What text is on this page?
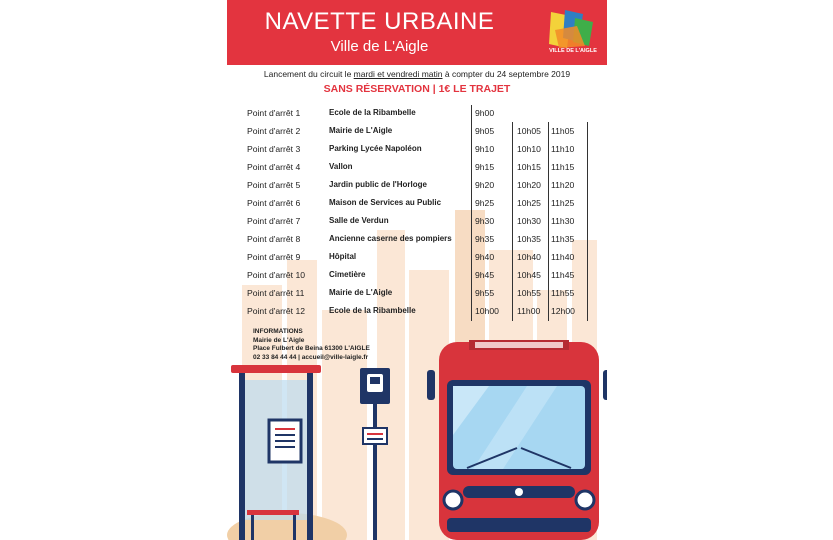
NAVETTE URBAINE
Ville de L'Aigle	VILLE DE L'AIGLE
Lancement du circuit le mardi et vendredi matin à compter du 24 septembre 2019
SANS RÉSERVATION | 1€ LE TRAJET
Point d'arrêt 1	Ecole de la Ribambelle	9h00
Point d'arrêt 2	Mairie de L'Aigle	9h05	10h05	11h05
Point d'arrêt 3	Parking Lycée Napoléon	9h10	10h10	11h10
Point d'arrêt 4	Vallon	9h15	10h15	11h15
Point d'arrêt 5	Jardin public de l'Horloge	9h20	10h20	11h20
Point d'arrêt 6	Maison de Services au Public	9h25	10h25	11h25
Point d'arrêt 7	Salle de Verdun	9h30	10h30	11h30
Point d'arrêt 8	Ancienne caserne des pompiers	9h35	10h35	11h35
Point d'arrêt 9	Hôpital	9h40	10h40	11h40
Point d'arrêt 10	Cimetière	9h45	10h45	11h45
Point d'arrêt 11	Mairie de L'Aigle	9h55	10h55	11h55
Point d'arrêt 12	Ecole de la Ribambelle	10h00	11h00	12h00
INFORMATIONS
Mairie de L'Aigle
Place Fulbert de Beina 61300 L'AIGLE
02 33 84 44 44 | accueil@ville-laigle.fr
